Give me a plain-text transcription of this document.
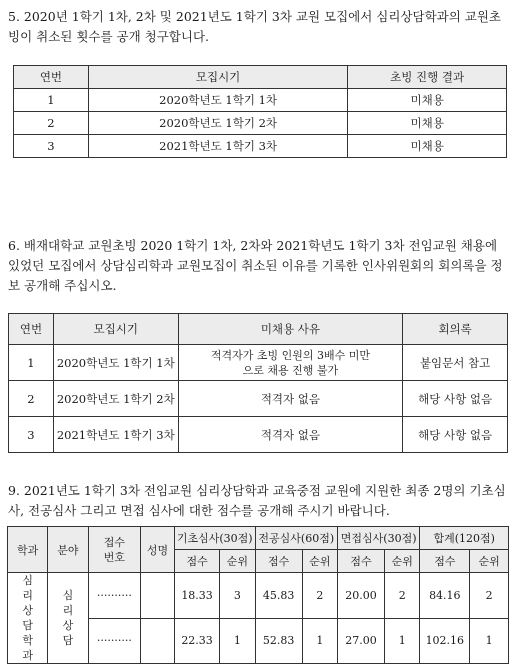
5. 2020년 1학기 1차, 2차 및 2021년도 1학기 3차 교원 모집에서 심리상담학과의 교원초빙이 취소된 횟수를 공개 청구합니다.
연번	모집시기	초빙 진행 결과
1	2020학년도 1학기 1차	미채용
2	2020학년도 1학기 2차	미채용
3	2021학년도 1학기 3차	미채용
6. 배재대학교 교원초빙 2020 1학기 1차, 2차와 2021학년도 1학기 3차 전임교원 채용에 있었던 모집에서 상담심리학과 교원모집이 취소된 이유를 기록한 인사위원회의 회의록을 정보 공개해 주십시오.
연번	모집시기	미채용 사유	회의록
1	2020학년도 1학기 1차	적격자가 초빙 인원의 3배수 미만으로 채용 진행 불가	붙임문서 참고
2	2020학년도 1학기 2차	적격자 없음	해당 사항 없음
3	2021학년도 1학기 3차	적격자 없음	해당 사항 없음
9. 2021년도 1학기 3차 전임교원 심리상담학과 교육중점 교원에 지원한 최종 2명의 기초심사, 전공심사 그리고 면접 심사에 대한 점수를 공개해 주시기 바랍니다.
학과	분야	접수 번호	성명	기초심사(30점)		전공심사(60점)		면접심사(30점)		합계(120점)	
				점수	순위	점수	순위	점수	순위	점수	순위
심리 상담 학과	심리 상담	··········		18.33	3	45.83	2	20.00	2	84.16	2
		··········		22.33	1	52.83	1	27.00	1	102.16	1
